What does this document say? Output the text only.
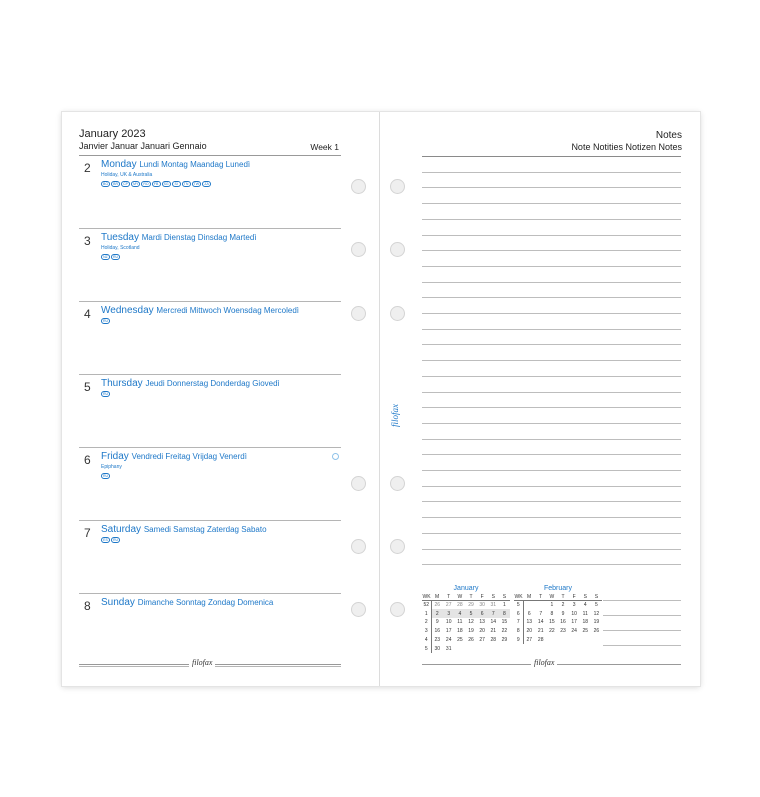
January 2023
Janvier Januar Januari Gennaio	Week 1
2 Monday Lundi Montag Maandag Lunedì
Holiday, UK & Australia
BG	BR	CP	MY	RO	FB	SG	SI	TN	TW	ZA
3 Tuesday Mardi Dienstag Dinsdag Martedì
Holiday, Scotland
NZ	RU
4 Wednesday Mercredi Mittwoch Woensdag Mercoledì
RU
5 Thursday Jeudi Donnerstag Donderdag Giovedì
RU
6 Friday Vendredi Freitag Vrijdag Venerdì
Epiphany
RU
7 Saturday Samedi Samstag Zaterdag Sabato
ES	RU
8 Sunday Dimanche Sonntag Zondag Domenica
filofax
Notes
Note Notities Notizen Notes
filofax
January
WK	M	T	W	T	F	S	S
52	26	27	28	29	30	31	1
1	2	3	4	5	6	7	8
2	9	10	11	12	13	14	15
3	16	17	18	19	20	21	22
4	23	24	25	26	27	28	29
5	30	31					
February
WK	M	T	W	T	F	S	S
5			1	2	3	4	5
6	6	7	8	9	10	11	12
7	13	14	15	16	17	18	19
8	20	21	22	23	24	25	26
9	27	28					
filofax
